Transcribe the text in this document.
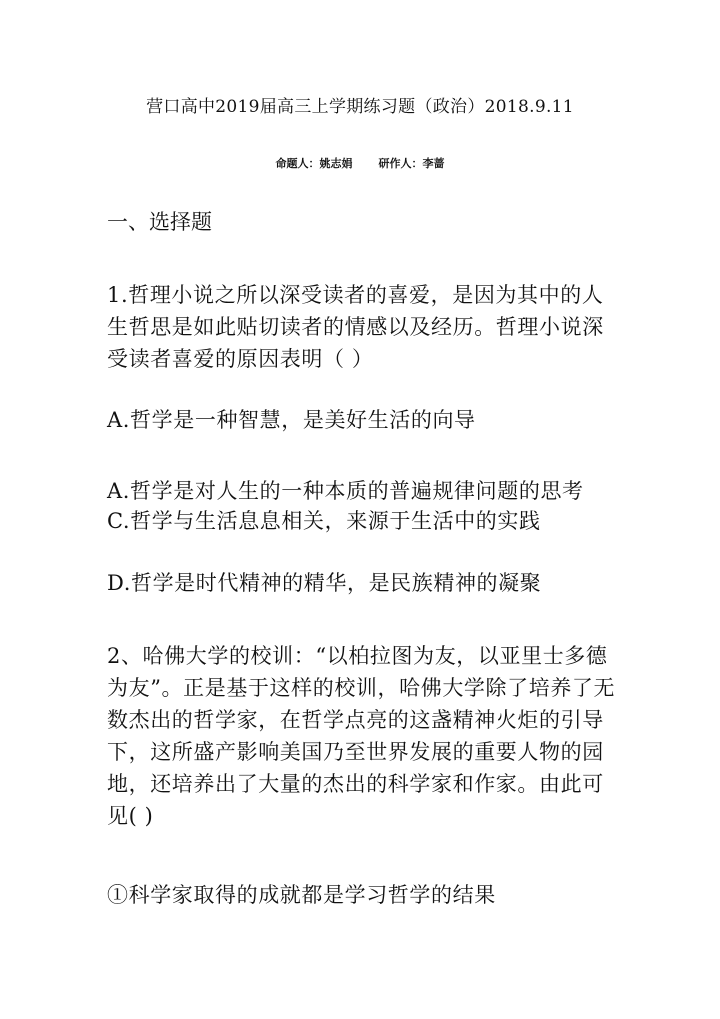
营口高中2019届高三上学期练习题（政治）2018.9.11
命题人：姚志娟 研作人：李蔷
一、选择题
1.哲理小说之所以深受读者的喜爱，是因为其中的人生哲思是如此贴切读者的情感以及经历。哲理小说深受读者喜爱的原因表明（ ）
A.哲学是一种智慧，是美好生活的向导
A.哲学是对人生的一种本质的普遍规律问题的思考
C.哲学与生活息息相关，来源于生活中的实践
D.哲学是时代精神的精华，是民族精神的凝聚
2、哈佛大学的校训：“以柏拉图为友，以亚里士多德为友”。正是基于这样的校训，哈佛大学除了培养了无数杰出的哲学家，在哲学点亮的这盏精神火炬的引导下，这所盛产影响美国乃至世界发展的重要人物的园地，还培养出了大量的杰出的科学家和作家。由此可见( )
①科学家取得的成就都是学习哲学的结果
